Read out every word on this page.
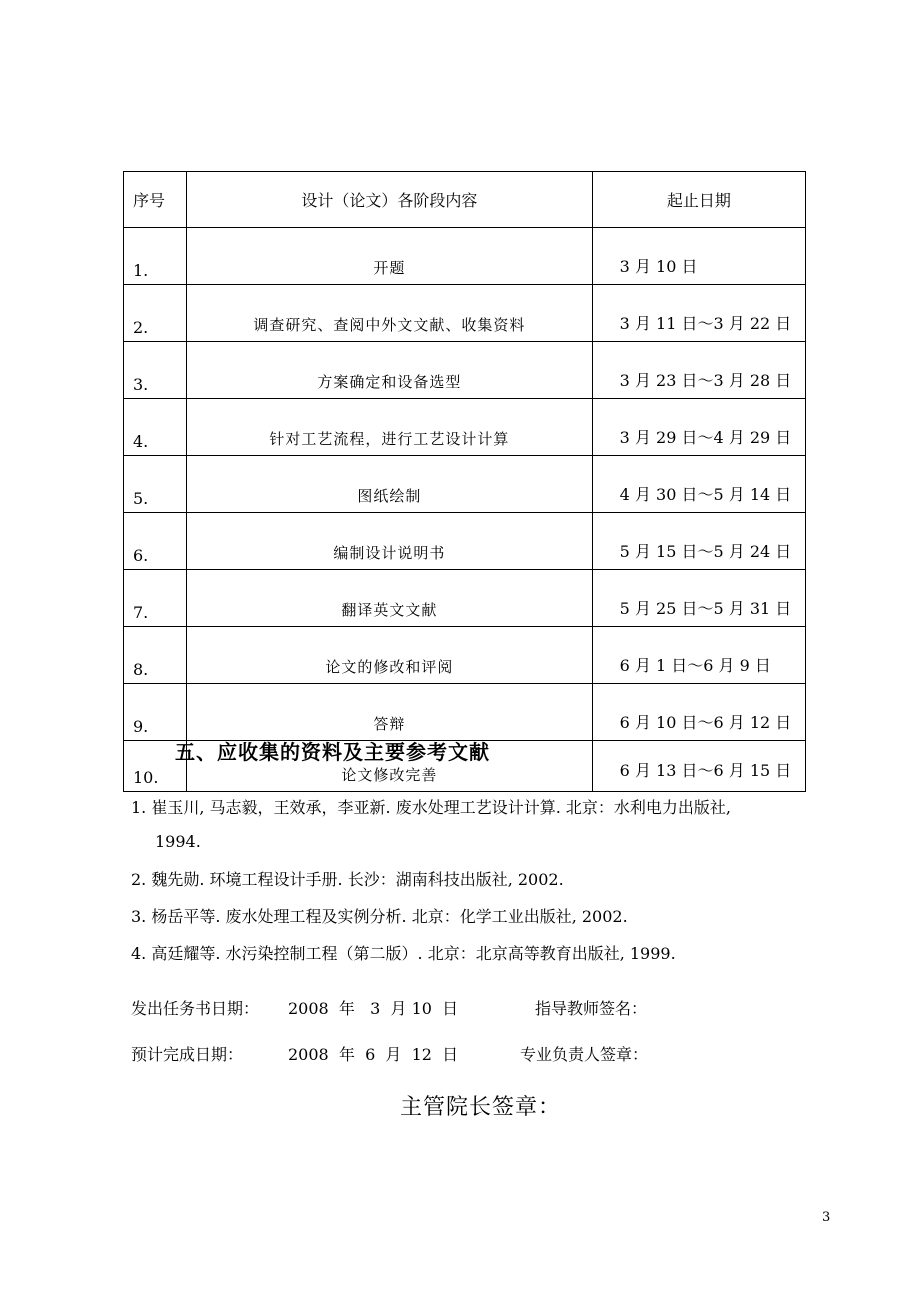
序号	设计（论文）各阶段内容	起止日期
1.	开题	3 月 10 日
2.	调查研究、查阅中外文文献、收集资料	3 月 11 日～3 月 22 日
3.	方案确定和设备选型	3 月 23 日～3 月 28 日
4.	针对工艺流程，进行工艺设计计算	3 月 29 日～4 月 29 日
5.	图纸绘制	4 月 30 日～5 月 14 日
6.	编制设计说明书	5 月 15 日～5 月 24 日
7.	翻译英文文献	5 月 25 日～5 月 31 日
8.	论文的修改和评阅	6 月 1 日～6 月 9 日
9.	答辩	6 月 10 日～6 月 12 日
10.	论文修改完善	6 月 13 日～6 月 15 日
五、应收集的资料及主要参考文献
1. 崔玉川, 马志毅，王效承，李亚新. 废水处理工艺设计计算. 北京：水利电力出版社,
1994.
2. 魏先勋. 环境工程设计手册. 长沙：湖南科技出版社, 2002.
3. 杨岳平等. 废水处理工程及实例分析. 北京：化学工业出版社, 2002.
4. 高廷耀等. 水污染控制工程（第二版）. 北京：北京高等教育出版社, 1999.
发出任务书日期： 2008  年   3  月 10  日	指导教师签名：
预计完成日期：	2008  年  6  月  12  日	专业负责人签章：
主管院长签章：
3
